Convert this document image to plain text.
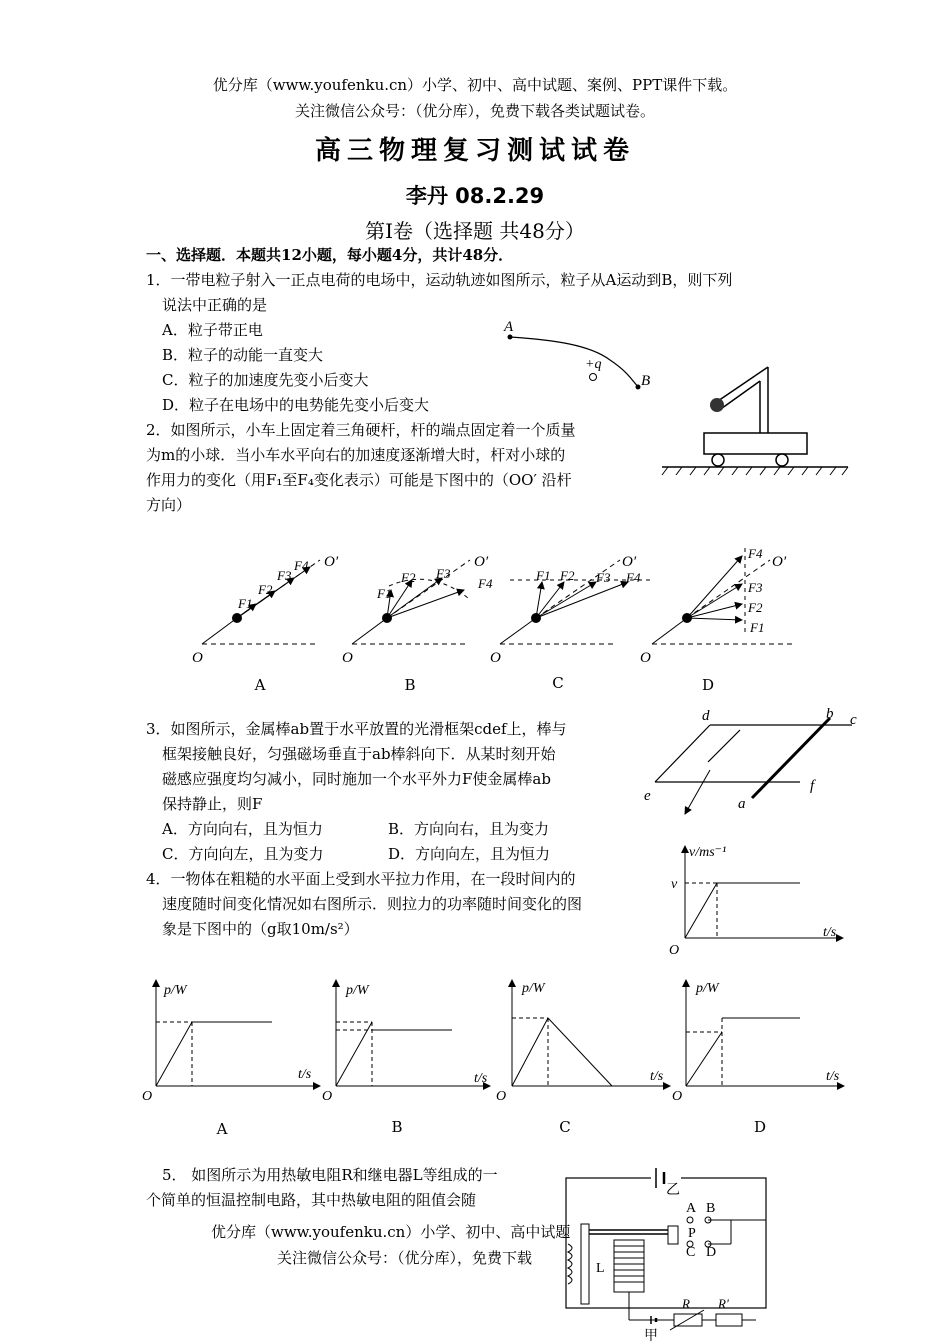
优分库（www.youfenku.cn）小学、初中、高中试题、案例、PPT课件下载。
关注微信公众号：（优分库），免费下载各类试题试卷。
高三物理复习测试试卷
李丹 08.2.29
第Ⅰ卷（选择题 共48分）
一、选择题．本题共12小题，每小题4分，共计48分．
1．一带电粒子射入一正点电荷的电场中，运动轨迹如图所示，粒子从A运动到B，则下列
说法中正确的是
A．粒子带正电
B．粒子的动能一直变大
C．粒子的加速度先变小后变大
D．粒子在电场中的电势能先变小后变大
A
+q
B
2．如图所示，小车上固定着三角硬杆，杆的端点固定着一个质量
为m的小球．当小车水平向右的加速度逐渐增大时，杆对小球的
作用力的变化（用F₁至F₄变化表示）可能是下图中的（OO′ 沿杆
方向）
F1
F2
F3
F4 O′
O
F1
F2 F3
F4
O′
O
F1 F2 F3 F4
O′
O
F1
F2
F3
F4
O′
O
A	B	C	D
3．如图所示，金属棒ab置于水平放置的光滑框架cdef上，棒与
框架接触良好，匀强磁场垂直于ab棒斜向下．从某时刻开始
磁感应强度均匀减小，同时施加一个水平外力F使金属棒ab
保持静止，则F
A．方向向右，且为恒力	B．方向向右，且为变力
C．方向向左，且为变力	D．方向向左，且为恒力
d	b c
e	a
f
4．一物体在粗糙的水平面上受到水平拉力作用，在一段时间内的
速度随时间变化情况如右图所示．则拉力的功率随时间变化的图
象是下图中的（g取10m/s²）
v/ms⁻¹
v
t/s
O
p/W
t/s
O
p/W
t/s
O
p/W
t/s
O
p/W
t/s
O
A	B	C	D
5． 如图所示为用热敏电阻R和继电器L等组成的一
个简单的恒温控制电路，其中热敏电阻的阻值会随
乙
A B
P
C D
L
甲
R R'
优分库（www.youfenku.cn）小学、初中、高中试题
关注微信公众号：（优分库），免费下载
